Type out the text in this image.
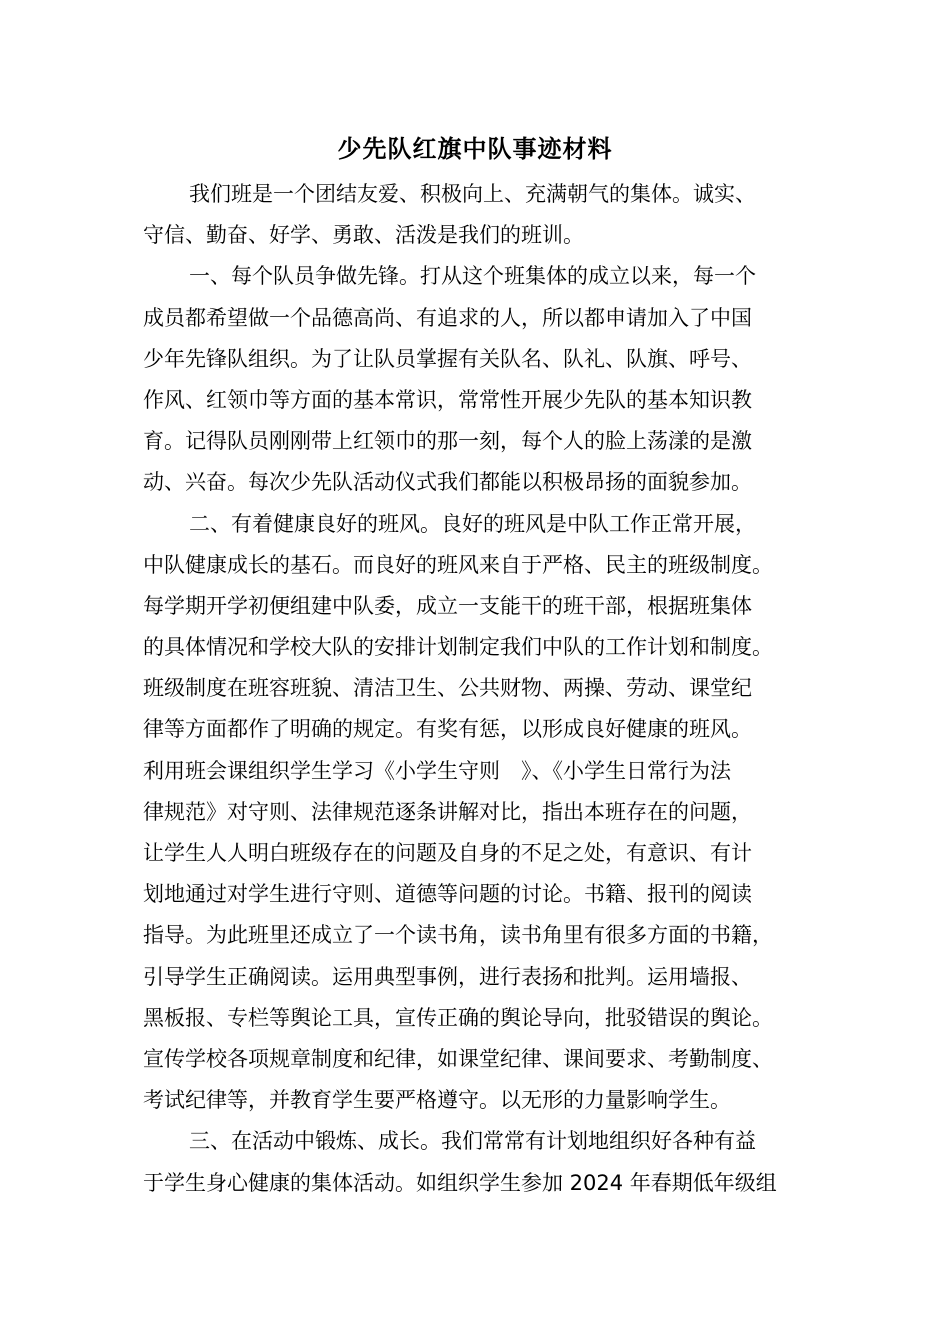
少先队红旗中队事迹材料
我们班是一个团结友爱、积极向上、充满朝气的集体。诚实、
守信、勤奋、好学、勇敢、活泼是我们的班训。
一、每个队员争做先锋。打从这个班集体的成立以来，每一个
成员都希望做一个品德高尚、有追求的人，所以都申请加入了中国
少年先锋队组织。为了让队员掌握有关队名、队礼、队旗、呼号、
作风、红领巾等方面的基本常识，常常性开展少先队的基本知识教
育。记得队员刚刚带上红领巾的那一刻，每个人的脸上荡漾的是激
动、兴奋。每次少先队活动仪式我们都能以积极昂扬的面貌参加。
二、有着健康良好的班风。良好的班风是中队工作正常开展，
中队健康成长的基石。而良好的班风来自于严格、民主的班级制度。
每学期开学初便组建中队委，成立一支能干的班干部，根据班集体
的具体情况和学校大队的安排计划制定我们中队的工作计划和制度。
班级制度在班容班貌、清洁卫生、公共财物、两操、劳动、课堂纪
律等方面都作了明确的规定。有奖有惩，以形成良好健康的班风。
利用班会课组织学生学习《小学生守则　》、《小学生日常行为法
律规范》对守则、法律规范逐条讲解对比，指出本班存在的问题，
让学生人人明白班级存在的问题及自身的不足之处，有意识、有计
划地通过对学生进行守则、道德等问题的讨论。书籍、报刊的阅读
指导。为此班里还成立了一个读书角，读书角里有很多方面的书籍，
引导学生正确阅读。运用典型事例，进行表扬和批判。运用墙报、
黑板报、专栏等舆论工具，宣传正确的舆论导向，批驳错误的舆论。
宣传学校各项规章制度和纪律，如课堂纪律、课间要求、考勤制度、
考试纪律等，并教育学生要严格遵守。以无形的力量影响学生。
三、在活动中锻炼、成长。我们常常有计划地组织好各种有益
于学生身心健康的集体活动。如组织学生参加 2024 年春期低年级组
